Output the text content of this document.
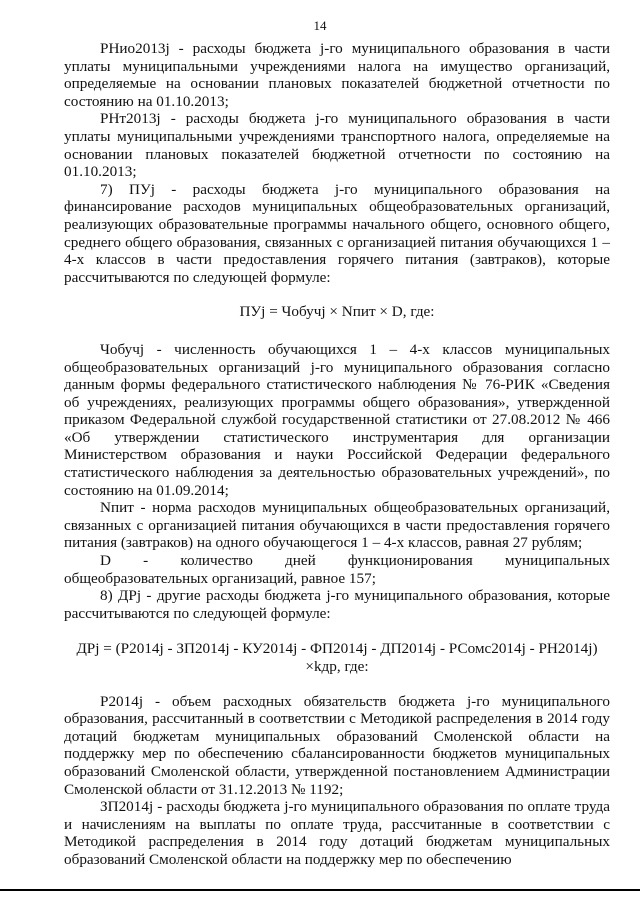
14

РНио2013j - расходы бюджета j-го муниципального образования в части уплаты муниципальными учреждениями налога на имущество организаций, определяемые на основании плановых показателей бюджетной отчетности по состоянию на 01.10.2013;

РНт2013j - расходы бюджета j-го муниципального образования в части уплаты муниципальными учреждениями транспортного налога, определяемые на основании плановых показателей бюджетной отчетности по состоянию на 01.10.2013;

7) ПУj - расходы бюджета j-го муниципального образования на финансирование расходов муниципальных общеобразовательных организаций, реализующих образовательные программы начального общего, основного общего, среднего общего образования, связанных с организацией питания обучающихся 1 – 4-х классов в части предоставления горячего питания (завтраков), которые рассчитываются по следующей формуле:

ПУj = Чобучj × Nпит × D, где:

Чобучj - численность обучающихся 1 – 4-х классов муниципальных общеобразовательных организаций j-го муниципального образования согласно данным формы федерального статистического наблюдения № 76-РИК «Сведения об учреждениях, реализующих программы общего образования», утвержденной приказом Федеральной службой государственной статистики от 27.08.2012 № 466 «Об утверждении статистического инструментария для организации Министерством образования и науки Российской Федерации федерального статистического наблюдения за деятельностью образовательных учреждений», по состоянию на 01.09.2014;

Nпит - норма расходов муниципальных общеобразовательных организаций, связанных с организацией питания обучающихся в части предоставления горячего питания (завтраков) на одного обучающегося 1 – 4-х классов, равная 27 рублям;

D - количество дней функционирования муниципальных общеобразовательных организаций, равное 157;

8) ДРj - другие расходы бюджета j-го муниципального образования, которые рассчитываются по следующей формуле:

ДРj = (Р2014j - ЗП2014j - КУ2014j - ФП2014j - ДП2014j - РСомс2014j - РН2014j) ×kдр, где:

Р2014j - объем расходных обязательств бюджета j-го муниципального образования, рассчитанный в соответствии с Методикой распределения в 2014 году дотаций бюджетам муниципальных образований Смоленской области на поддержку мер по обеспечению сбалансированности бюджетов муниципальных образований Смоленской области, утвержденной постановлением Администрации Смоленской области от 31.12.2013 № 1192;

ЗП2014j - расходы бюджета j-го муниципального образования по оплате труда и начислениям на выплаты по оплате труда, рассчитанные в соответствии с Методикой распределения в 2014 году дотаций бюджетам муниципальных образований Смоленской области на поддержку мер по обеспечению
